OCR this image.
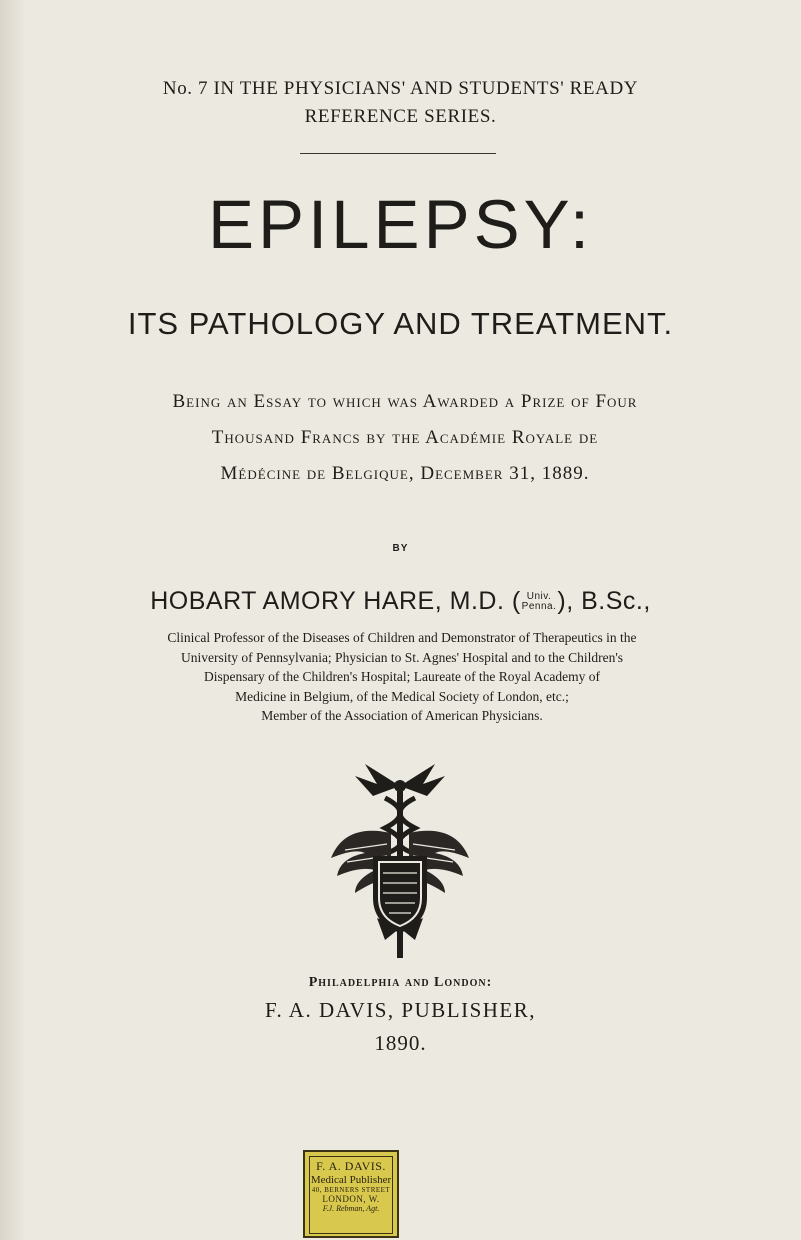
No. 7 IN THE PHYSICIANS' AND STUDENTS' READY
REFERENCE SERIES.
EPILEPSY:
ITS PATHOLOGY AND TREATMENT.
Being an Essay to which was Awarded a Prize of Four
Thousand Francs by the Académie Royale de
Médécine de Belgique, December 31, 1889.
BY
HOBART AMORY HARE, M.D. ( Univ.
Penna. ), B.Sc.,
Clinical Professor of the Diseases of Children and Demonstrator of Therapeutics in the
University of Pennsylvania; Physician to St. Agnes' Hospital and to the Children's
Dispensary of the Children's Hospital; Laureate of the Royal Academy of
Medicine in Belgium, of the Medical Society of London, etc.;
Member of the Association of American Physicians.
Philadelphia and London:
F. A. DAVIS, PUBLISHER,
1890.
F. A. DAVIS.
Medical Publisher
40, BERNERS STREET
LONDON, W.
F.J. Rebman, Agt.
